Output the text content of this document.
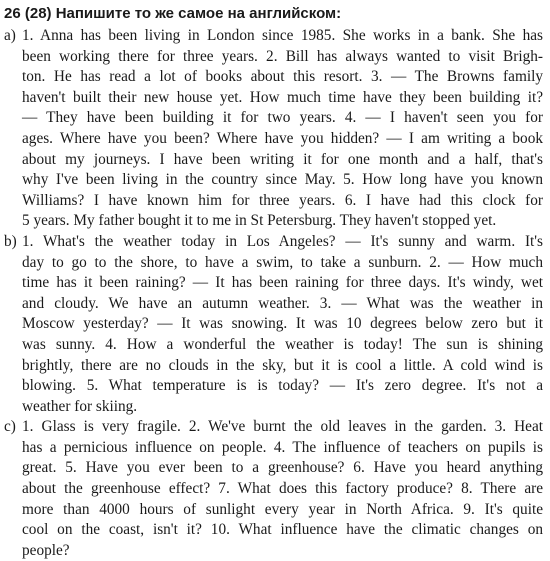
26 (28) Напишите то же самое на английском:
a) 1. Anna has been living in London since 1985. She works in a bank. She has
been working there for three years. 2. Bill has always wanted to visit Brigh-
ton. He has read a lot of books about this resort. 3. — The Browns family
haven't built their new house yet. How much time have they been building it?
— They have been building it for two years. 4. — I haven't seen you for
ages. Where have you been? Where have you hidden? — I am writing a book
about my journeys. I have been writing it for one month and a half, that's
why I've been living in the country since May. 5. How long have you known
Williams? I have known him for three years. 6. I have had this clock for
5 years. My father bought it to me in St Petersburg. They haven't stopped yet.
b) 1. What's the weather today in Los Angeles? — It's sunny and warm. It's
day to go to the shore, to have a swim, to take a sunburn. 2. — How much
time has it been raining? — It has been raining for three days. It's windy, wet
and cloudy. We have an autumn weather. 3. — What was the weather in
Moscow yesterday? — It was snowing. It was 10 degrees below zero but it
was sunny. 4. How a wonderful the weather is today! The sun is shining
brightly, there are no clouds in the sky, but it is cool a little. A cold wind is
blowing. 5. What temperature is is today? — It's zero degree. It's not a
weather for skiing.
c) 1. Glass is very fragile. 2. We've burnt the old leaves in the garden. 3. Heat
has a pernicious influence on people. 4. The influence of teachers on pupils is
great. 5. Have you ever been to a greenhouse? 6. Have you heard anything
about the greenhouse effect? 7. What does this factory produce? 8. There are
more than 4000 hours of sunlight every year in North Africa. 9. It's quite
cool on the coast, isn't it? 10. What influence have the climatic changes on
people?
